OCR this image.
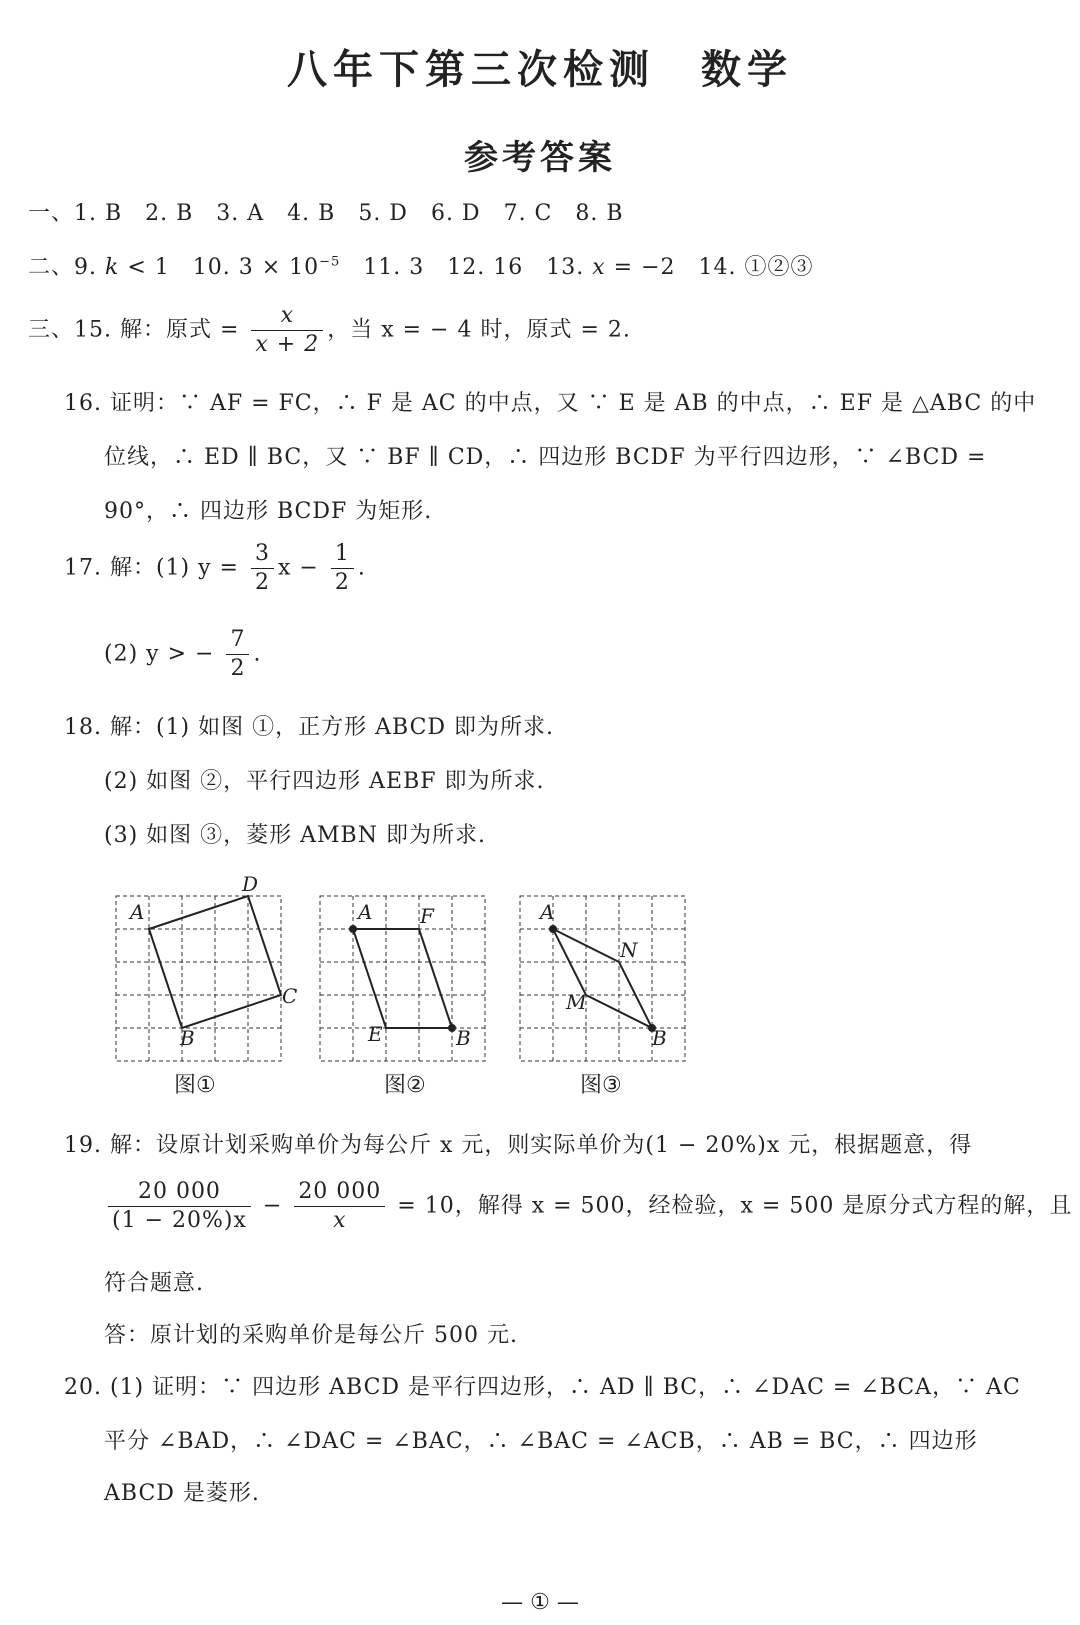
八年下第三次检测　数学
参考答案
一、1. B　2. B　3. A　4. B　5. D　6. D　7. C　8. B
二、9. k < 1　10. $3 \times 10^{-5}$　11. 3　12. 16　13. x = −2　14. ①②③
三、15. 解：原式 = $\frac{x}{x + 2}$ ，当 x = − 4 时，原式 = 2.
16. 证明：∵ AF = FC，∴ F 是 AC 的中点，又 ∵ E 是 AB 的中点，∴ EF 是 △ABC 的中
位线，∴ ED ∥ BC，又 ∵ BF ∥ CD，∴ 四边形 BCDF 为平行四边形，∵ ∠BCD =
90°，∴ 四边形 BCDF 为矩形.
17. 解：(1) $y = \frac{3}{2}$ $x - \frac{1}{2}$ .
(2) y > − $\frac{7}{2}$ .
18. 解：(1) 如图 ①，正方形 ABCD 即为所求.
(2) 如图 ②，平行四边形 AEBF 即为所求.
(3) 如图 ③，菱形 AMBN 即为所求.
A
D
C
B
图①
A F
E	B
图②
A
N
M
B
图③
19. 解：设原计划采购单价为每公斤 x 元，则实际单价为(1 − 20%)x 元，根据题意，得
$\frac{20 000}{(1 - 20\%)x} - \frac{20 000}{x} = 10$，解得 x = 500，经检验，x = 500 是原分式方程的解，且
符合题意.
答：原计划的采购单价是每公斤 500 元.
20. (1) 证明：∵ 四边形 ABCD 是平行四边形，∴ AD ∥ BC，∴ ∠DAC = ∠BCA，∵ AC
平分 ∠BAD，∴ ∠DAC = ∠BAC，∴ ∠BAC = ∠ACB，∴ AB = BC，∴ 四边形
ABCD 是菱形.
— ① —
